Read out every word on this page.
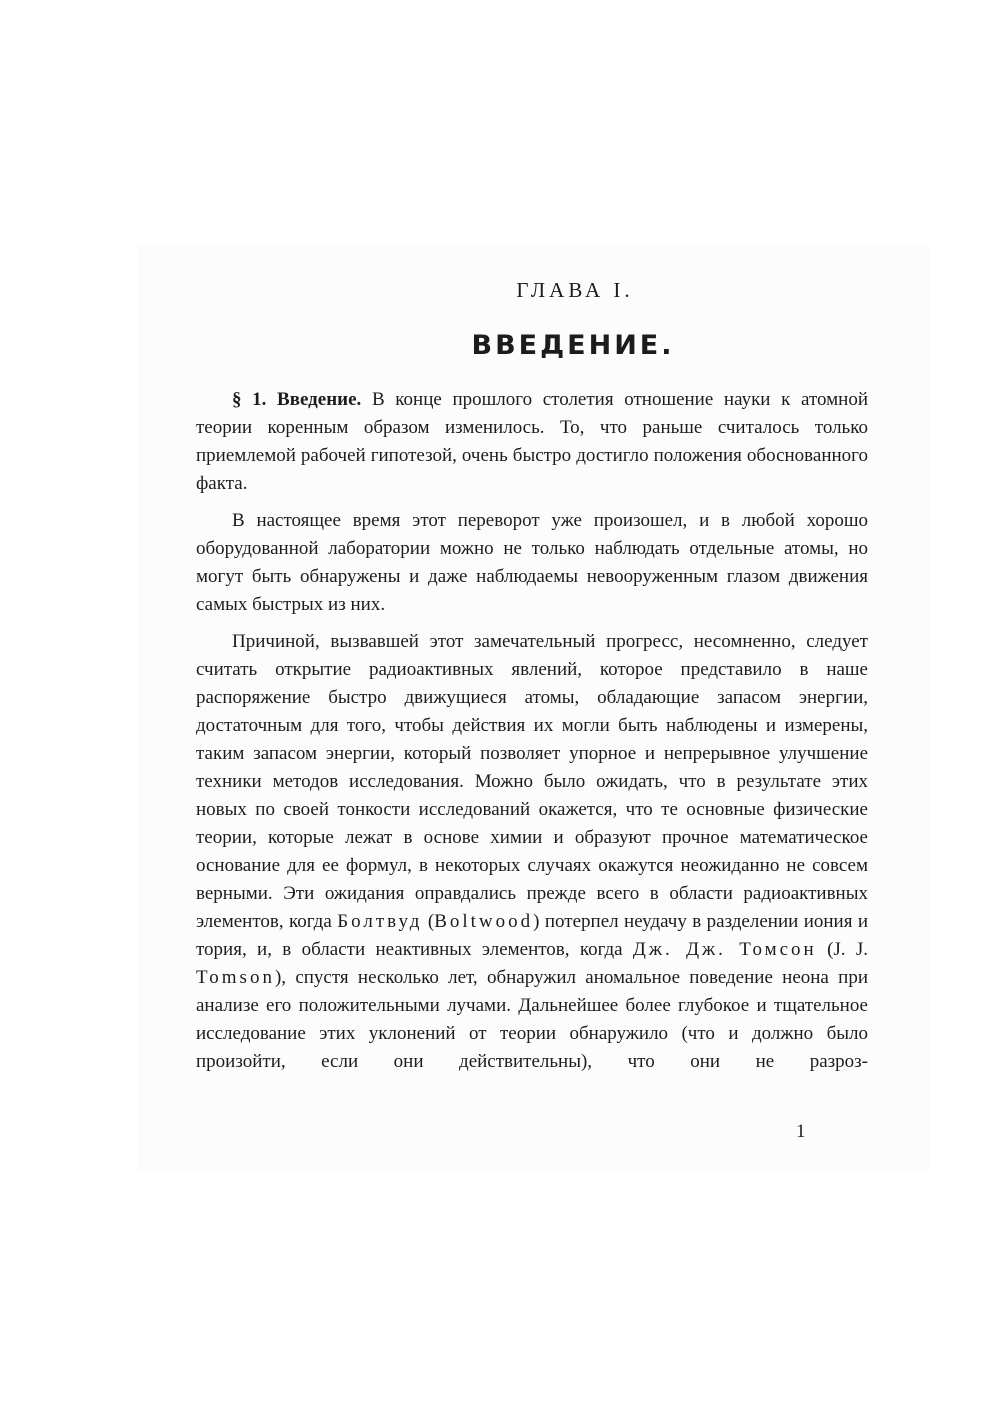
ГЛАВА I.
ВВЕДЕНИЕ.

§ 1. Введение. В конце прошлого столетия отношение науки к атомной теории коренным образом изменилось. То, что раньше считалось только приемлемой рабочей гипотезой, очень быстро достигло положения обоснованного факта.

В настоящее время этот переворот уже произошел, и в любой хорошо оборудованной лаборатории можно не только наблюдать отдельные атомы, но могут быть обнаружены и даже наблюдаемы невооруженным глазом движения самых быстрых из них.

Причиной, вызвавшей этот замечательный прогресс, несомненно, следует считать открытие радиоактивных явлений, которое представило в наше распоряжение быстро движущиеся атомы, обладающие запасом энергии, достаточным для того, чтобы действия их могли быть наблюдены и измерены, таким запасом энергии, который позволяет упорное и непрерывное улучшение техники методов исследования. Можно было ожидать, что в результате этих новых по своей тонкости исследований окажется, что те основные физические теории, которые лежат в основе химии и образуют прочное математическое основание для ее формул, в некоторых случаях окажутся неожиданно не совсем верными. Эти ожидания оправдались прежде всего в области радиоактивных элементов, когда Болтвуд (Boltwood) потерпел неудачу в разделении иония и тория, и, в области неактивных элементов, когда Дж. Дж. Томсон (J. J. Tomson), спустя несколько лет, обнаружил аномальное поведение неона при анализе его положительными лучами. Дальнейшее более глубокое и тщательное исследование этих уклонений от теории обнаружило (что и должно было произойти, если они действительны), что они не разроз-

1
